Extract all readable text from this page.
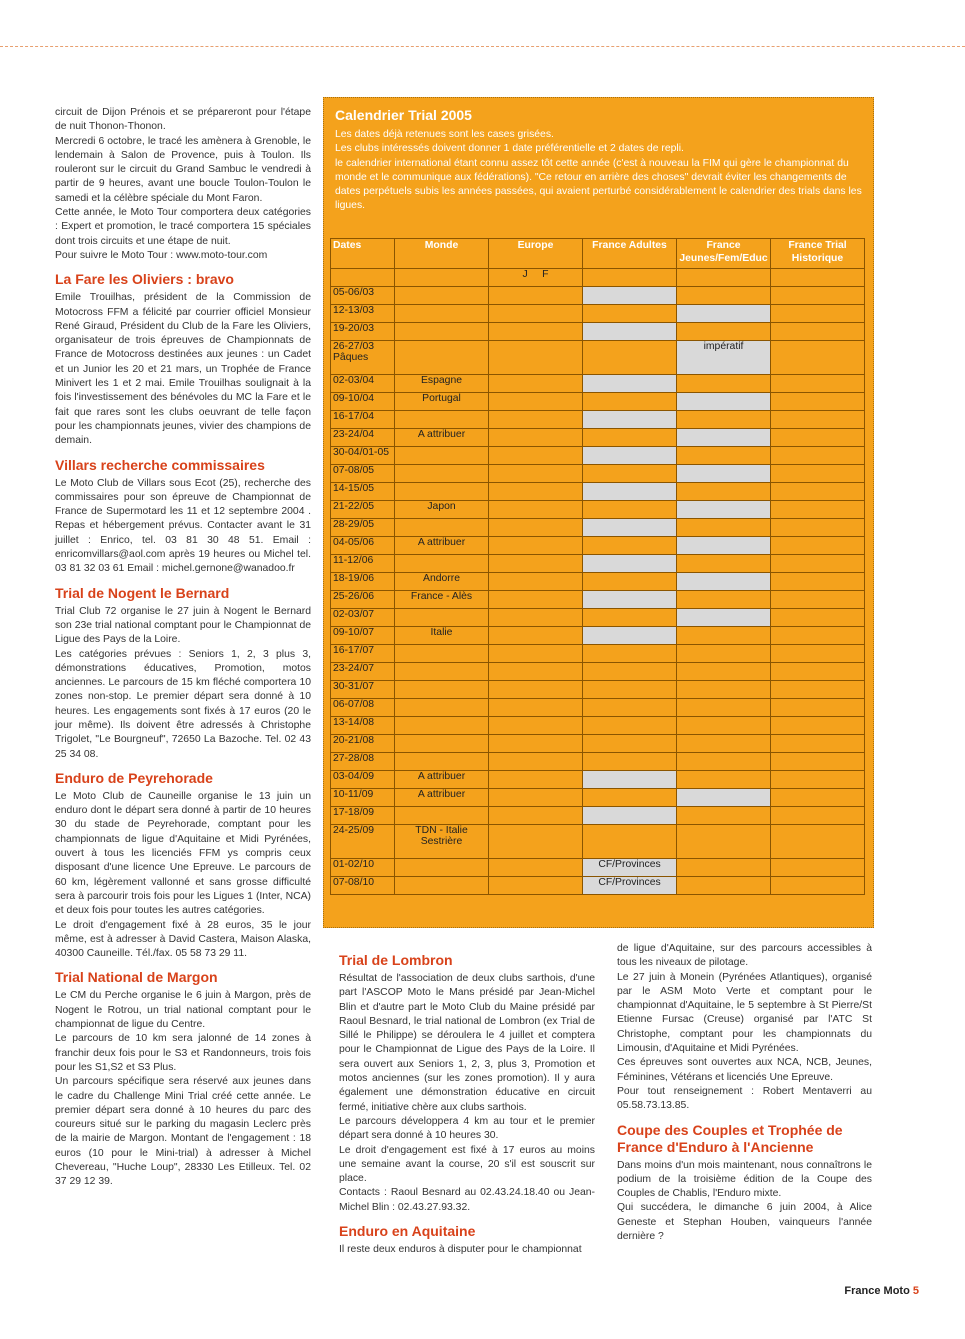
circuit de Dijon Prénois et se prépareront pour l'étape de nuit Thonon-Thonon.

Mercredi 6 octobre, le tracé les amènera à Grenoble, le lendemain à Salon de Provence, puis à Toulon. Ils rouleront sur le circuit du Grand Sambuc le vendredi à partir de 9 heures, avant une boucle Toulon-Toulon le samedi et la célèbre spéciale du Mont Faron.

Cette année, le Moto Tour comportera deux catégories : Expert et promotion, le tracé comportera 15 spéciales dont trois circuits et une étape de nuit.

Pour suivre le Moto Tour : www.moto-tour.com

La Fare les Oliviers : bravo

Emile Trouilhas, président de la Commission de Motocross FFM a félicité par courrier officiel Monsieur René Giraud, Président du Club de la Fare les Oliviers, organisateur de trois épreuves de Championnats de France de Motocross destinées aux jeunes : un Cadet et un Junior les 20 et 21 mars, un Trophée de France Minivert les 1 et 2 mai. Emile Trouilhas soulignait à la fois l'investissement des bénévoles du MC la Fare et le fait que rares sont les clubs oeuvrant de telle façon pour les championnats jeunes, vivier des champions de demain.

Villars recherche commissaires

Le Moto Club de Villars sous Ecot (25), recherche des commissaires pour son épreuve de Championnat de France de Supermotard les 11 et 12 septembre 2004 . Repas et hébergement prévus. Contacter avant le 31 juillet : Enrico, tel. 03 81 30 48 51. Email : enricomvillars@aol.com après 19 heures ou Michel tel. 03 81 32 03 61 Email : michel.gernone@wanadoo.fr

Trial de Nogent le Bernard

Trial Club 72 organise le 27 juin à Nogent le Bernard son 23e trial national comptant pour le Championnat de Ligue des Pays de la Loire.

Les catégories prévues : Seniors 1, 2, 3 plus 3, démonstrations éducatives, Promotion, motos anciennes. Le parcours de 15 km fléché comportera 10 zones non-stop. Le premier départ sera donné à 10 heures. Les engagements sont fixés à 17 euros (20 le jour même). Ils doivent être adressés à Christophe Trigolet, "Le Bourgneuf", 72650 La Bazoche. Tel. 02 43 25 34 08.

Enduro de Peyrehorade

Le Moto Club de Cauneille organise le 13 juin un enduro dont le départ sera donné à partir de 10 heures 30 du stade de Peyrehorade, comptant pour les championnats de ligue d'Aquitaine et Midi Pyrénées, ouvert à tous les licenciés FFM ys compris ceux disposant d'une licence Une Epreuve. Le parcours de 60 km, légèrement vallonné et sans grosse difficulté sera à parcourir trois fois pour les Ligues 1 (Inter, NCA) et deux fois pour toutes les autres catégories.

Le droit d'engagement fixé à 28 euros, 35 le jour même, est à adresser à David Castera, Maison Alaska, 40300 Cauneille. Tél./fax. 05 58 73 29 11.

Trial National de Margon

Le CM du Perche organise le 6 juin à Margon, près de Nogent le Rotrou, un trial national comptant pour le championnat de ligue du Centre.

Le parcours de 10 km sera jalonné de 14 zones à franchir deux fois pour le S3 et Randonneurs, trois fois pour les S1,S2 et S3 Plus.

Un parcours spécifique sera réservé aux jeunes dans le cadre du Challenge Mini Trial créé cette année. Le premier départ sera donné à 10 heures du parc des coureurs situé sur le parking du magasin Leclerc près de la mairie de Margon. Montant de l'engagement : 18 euros (10 pour le Mini-trial) à adresser à Michel Chevereau, "Huche Loup", 28330 Les Etilleux. Tel. 02 37 29 12 39.

Calendrier Trial 2005

Les dates déjà retenues sont les cases grisées.

Les clubs intéressés doivent donner 1 date préférentielle et 2 dates de repli.

le calendrier international étant connu assez tôt cette année (c'est à nouveau la FIM qui gère le championnat du monde et le communique aux fédérations). "Ce retour en arrière des choses" devrait éviter les changements de dates perpétuels subis les années passées, qui avaient perturbé considérablement le calendrier des trials dans les ligues.

Dates	Monde	Europe	France Adultes	France Jeunes/Fem/Educ	France Trial Historique
		J     F			
05-06/03					
12-13/03					
19-20/03					
26-27/03 Pâques				impératif	
02-03/04	Espagne				
09-10/04	Portugal				
16-17/04					
23-24/04	A attribuer				
30-04/01-05					
07-08/05					
14-15/05					
21-22/05	Japon				
28-29/05					
04-05/06	A attribuer				
11-12/06					
18-19/06	Andorre				
25-26/06	France - Alès				
02-03/07					
09-10/07	Italie				
16-17/07					
23-24/07					
30-31/07					
06-07/08					
13-14/08					
20-21/08					
27-28/08					
03-04/09	A attribuer				
10-11/09	A attribuer				
17-18/09					
24-25/09	TDN - Italie Sestrière				
01-02/10			CF/Provinces		
07-08/10			CF/Provinces		
Trial de Lombron

Résultat de l'association de deux clubs sarthois, d'une part l'ASCOP Moto le Mans présidé par Jean-Michel Blin et d'autre part le Moto Club du Maine présidé par Raoul Besnard, le trial national de Lombron (ex Trial de Sillé le Philippe) se déroulera le 4 juillet et comptera pour le Championnat de Ligue des Pays de la Loire. Il sera ouvert aux Seniors 1, 2, 3, plus 3, Promotion et motos anciennes (sur les zones promotion). Il y aura également une démonstration éducative en circuit fermé, initiative chère aux clubs sarthois.

Le parcours développera 4 km au tour et le premier départ sera donné à 10 heures 30.

Le droit d'engagement est fixé à 17 euros au moins une semaine avant la course, 20 s'il est souscrit sur place.

Contacts : Raoul Besnard au 02.43.24.18.40 ou Jean-Michel Blin : 02.43.27.93.32.

Enduro en Aquitaine

Il reste deux enduros à disputer pour le championnat

de ligue d'Aquitaine, sur des parcours accessibles à tous les niveaux de pilotage.

Le 27 juin à Monein (Pyrénées Atlantiques), organisé par le ASM Moto Verte et comptant pour le championnat d'Aquitaine, le 5 septembre à St Pierre/St Etienne Fursac (Creuse) organisé par l'ATC St Christophe, comptant pour les championnats du Limousin, d'Aquitaine et Midi Pyrénées.

Ces épreuves sont ouvertes aux NCA, NCB, Jeunes, Féminines, Vétérans et licenciés Une Epreuve.

Pour tout renseignement : Robert Mentaverri au 05.58.73.13.85.

Coupe des Couples et Trophée de France d'Enduro à l'Ancienne

Dans moins d'un mois maintenant, nous connaîtrons le podium de la troisième édition de la Coupe des Couples de Chablis, l'Enduro mixte.

Qui succédera, le dimanche 6 juin 2004, à Alice Geneste et Stephan Houben, vainqueurs l'année dernière ?

France Moto 5
